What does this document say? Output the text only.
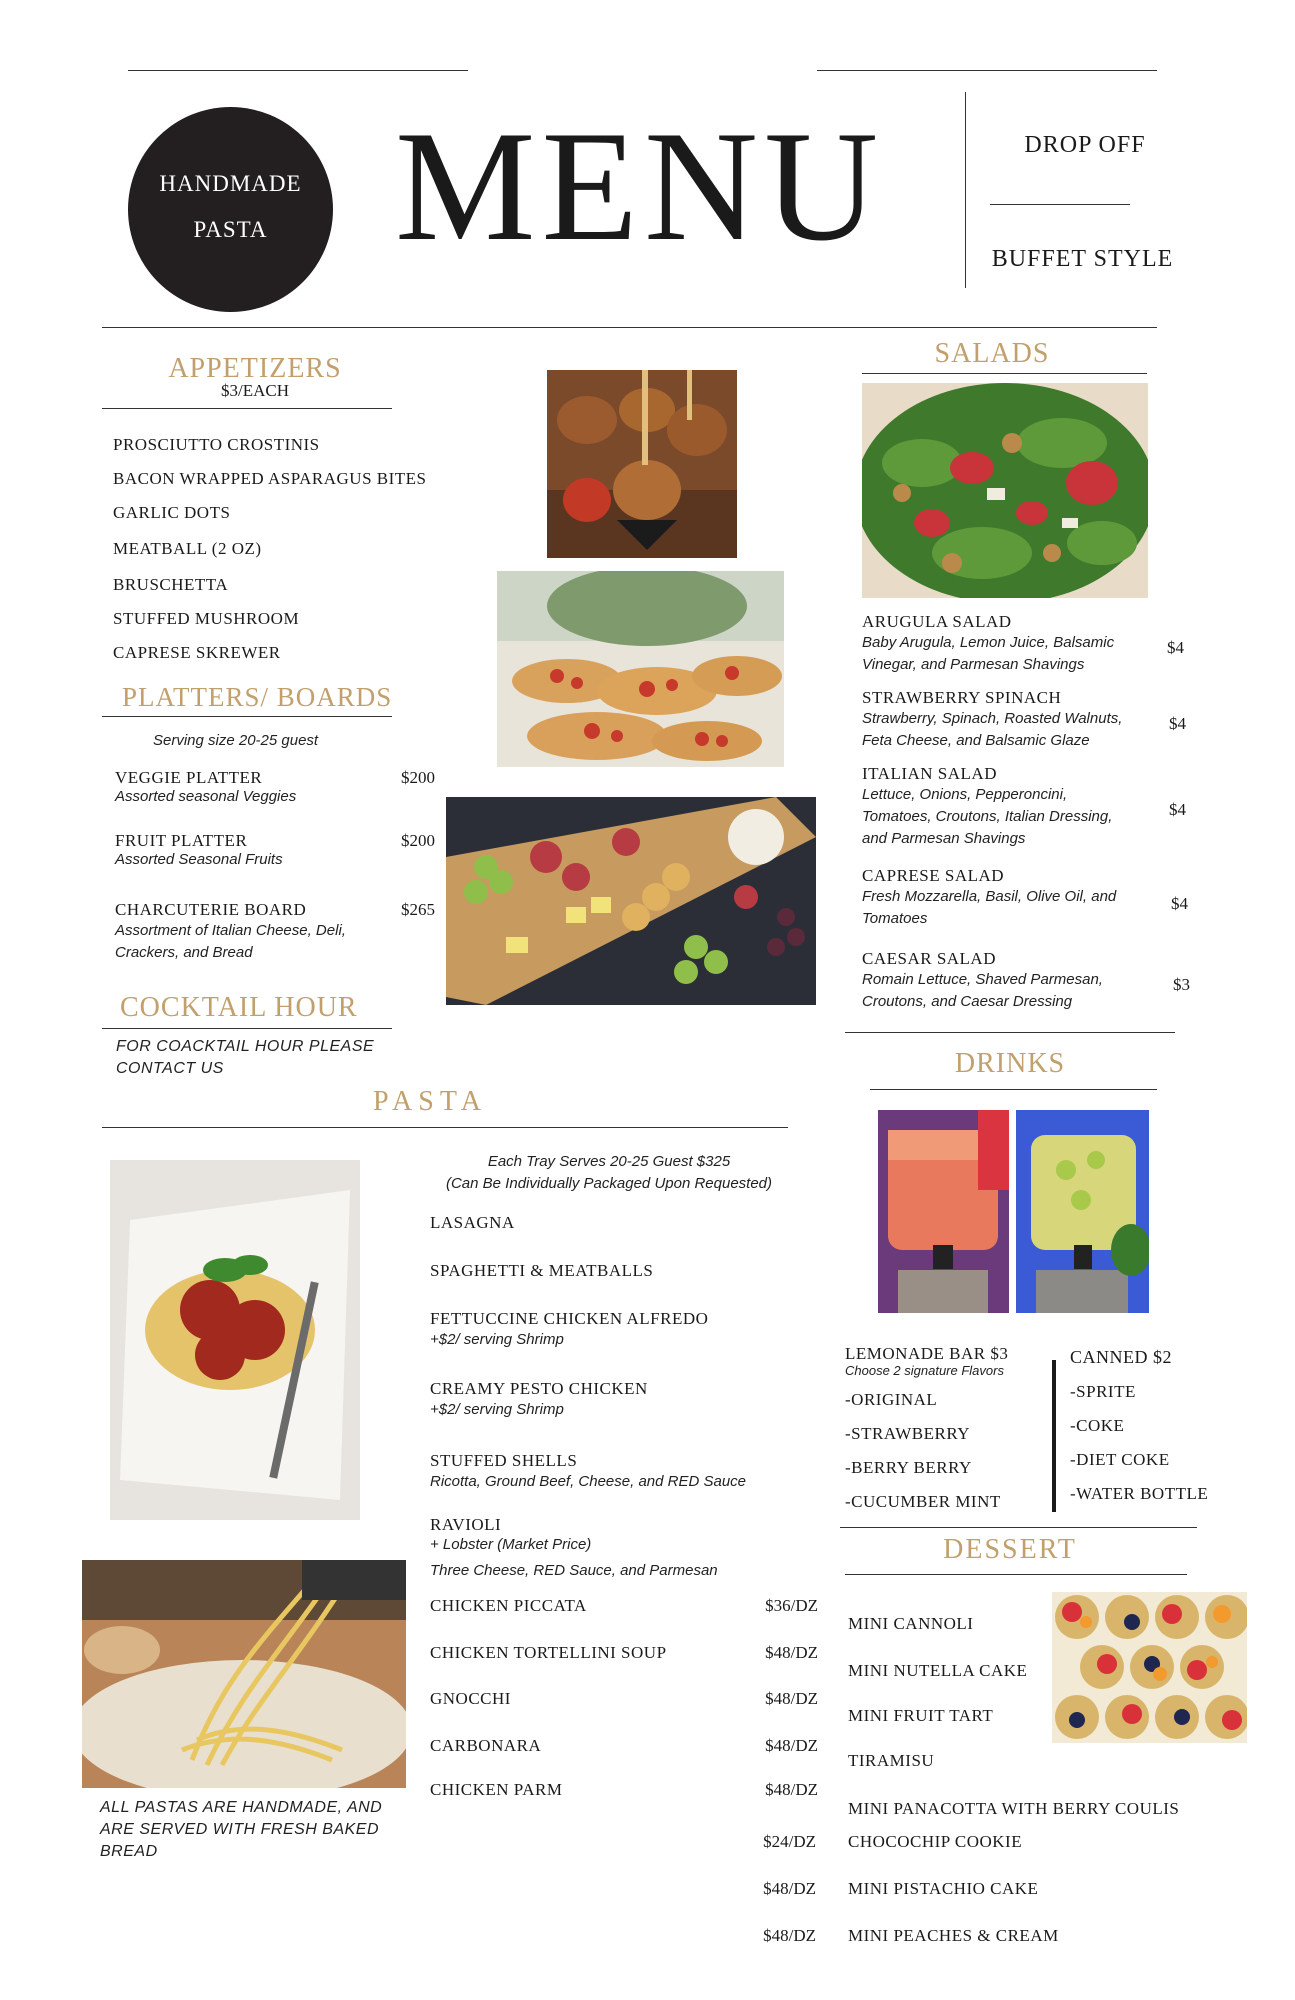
HANDMADE
PASTA MENU	DROP OFF
BUFFET STYLE
APPETIZERS
$3/EACH
PROSCIUTTO CROSTINIS
BACON WRAPPED ASPARAGUS BITES
GARLIC DOTS
MEATBALL (2 OZ)
BRUSCHETTA
STUFFED MUSHROOM
CAPRESE SKREWER
PLATTERS/ BOARDS
Serving size 20-25 guest
VEGGIE PLATTER
Assorted seasonal Veggies
$200
FRUIT PLATTER
Assorted Seasonal Fruits
$200
CHARCUTERIE BOARD
Assortment of Italian Cheese, Deli, Crackers, and Bread
$265
COCKTAIL HOUR
FOR COACKTAIL HOUR PLEASE
CONTACT US
SALADS
ARUGULA SALAD
Baby Arugula, Lemon Juice, Balsamic
Vinegar, and Parmesan Shavings
$4
STRAWBERRY SPINACH
Strawberry, Spinach, Roasted Walnuts,
Feta Cheese, and Balsamic Glaze
$4
ITALIAN SALAD
Lettuce, Onions, Pepperoncini,
Tomatoes, Croutons, Italian Dressing,
and Parmesan Shavings
$4
CAPRESE SALAD
Fresh Mozzarella, Basil, Olive Oil, and
Tomatoes
$4
CAESAR SALAD
Romain Lettuce, Shaved Parmesan,
Croutons, and Caesar Dressing
$3
PASTA
Each Tray Serves 20-25 Guest $325
(Can Be Individually Packaged Upon Requested)
LASAGNA
SPAGHETTI & MEATBALLS
FETTUCCINE CHICKEN ALFREDO
+$2/ serving Shrimp
CREAMY PESTO CHICKEN
+$2/ serving Shrimp
STUFFED SHELLS
Ricotta, Ground Beef, Cheese, and RED Sauce
RAVIOLI
+ Lobster (Market Price)
Three Cheese, RED Sauce, and Parmesan
CHICKEN PICCATA	$36/DZ
CHICKEN TORTELLINI SOUP	$48/DZ
GNOCCHI	$48/DZ
CARBONARA	$48/DZ
CHICKEN PARM	$48/DZ
ALL PASTAS ARE HANDMADE, AND
ARE SERVED WITH FRESH BAKED
BREAD
DRINKS
LEMONADE BAR $3
Choose 2 signature Flavors
-ORIGINAL
-STRAWBERRY
-BERRY BERRY
-CUCUMBER MINT
CANNED $2
-SPRITE
-COKE
-DIET COKE
-WATER BOTTLE
DESSERT
MINI CANNOLI
MINI NUTELLA CAKE
MINI FRUIT TART
TIRAMISU
MINI PANACOTTA WITH BERRY COULIS
$24/DZ CHOCOCHIP COOKIE
$48/DZ MINI PISTACHIO CAKE
$48/DZ MINI PEACHES & CREAM
